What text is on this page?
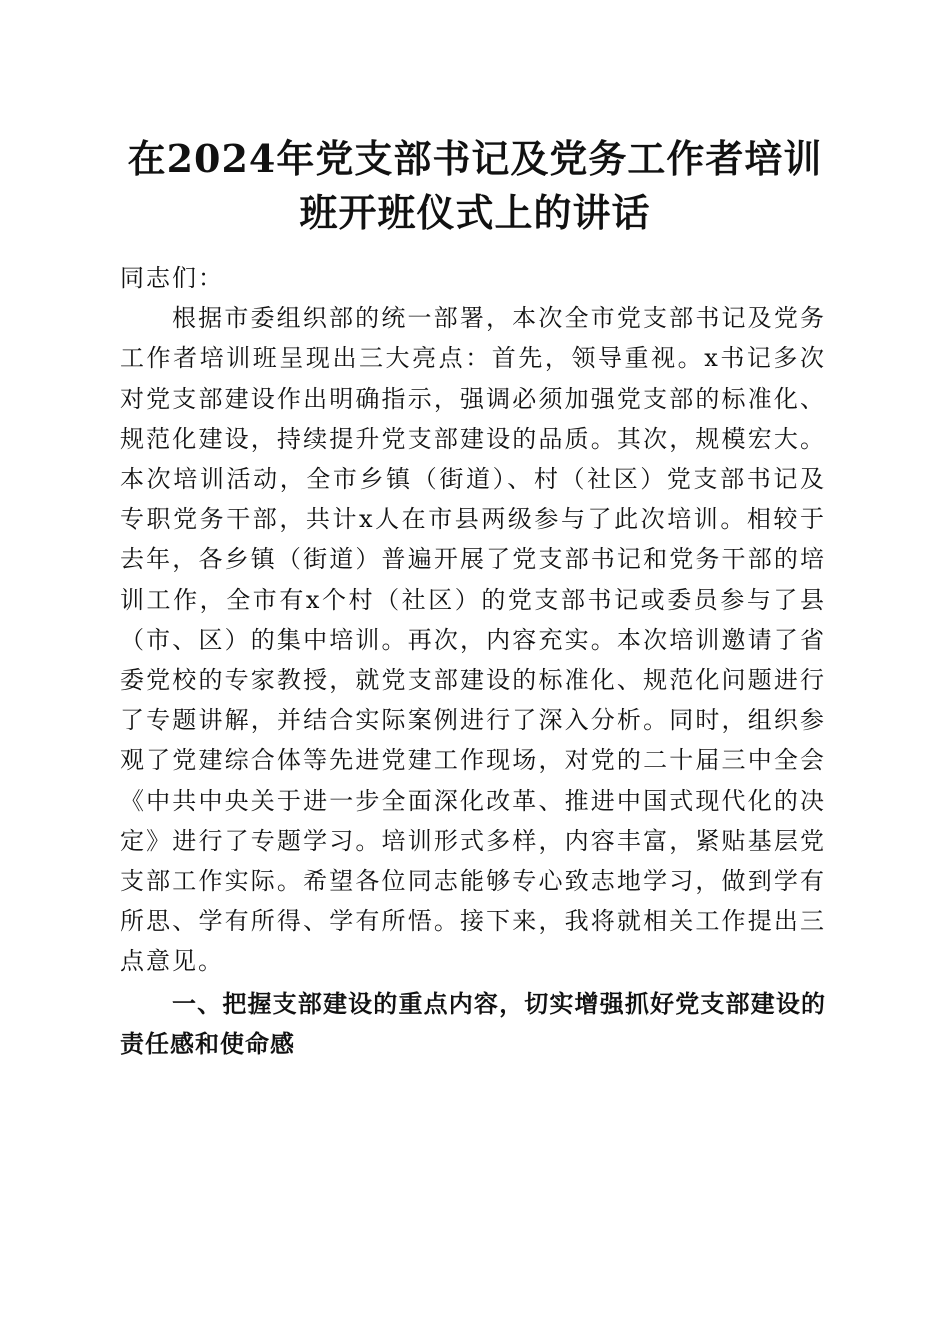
在2024年党支部书记及党务工作者培训班开班仪式上的讲话

同志们：

根据市委组织部的统一部署，本次全市党支部书记及党务工作者培训班呈现出三大亮点：首先，领导重视。x书记多次对党支部建设作出明确指示，强调必须加强党支部的标准化、规范化建设，持续提升党支部建设的品质。其次，规模宏大。本次培训活动，全市乡镇（街道）、村（社区）党支部书记及专职党务干部，共计x人在市县两级参与了此次培训。相较于去年，各乡镇（街道）普遍开展了党支部书记和党务干部的培训工作，全市有x个村（社区）的党支部书记或委员参与了县（市、区）的集中培训。再次，内容充实。本次培训邀请了省委党校的专家教授，就党支部建设的标准化、规范化问题进行了专题讲解，并结合实际案例进行了深入分析。同时，组织参观了党建综合体等先进党建工作现场，对党的二十届三中全会《中共中央关于进一步全面深化改革、推进中国式现代化的决定》进行了专题学习。培训形式多样，内容丰富，紧贴基层党支部工作实际。希望各位同志能够专心致志地学习，做到学有所思、学有所得、学有所悟。接下来，我将就相关工作提出三点意见。

一、把握支部建设的重点内容，切实增强抓好党支部建设的责任感和使命感
